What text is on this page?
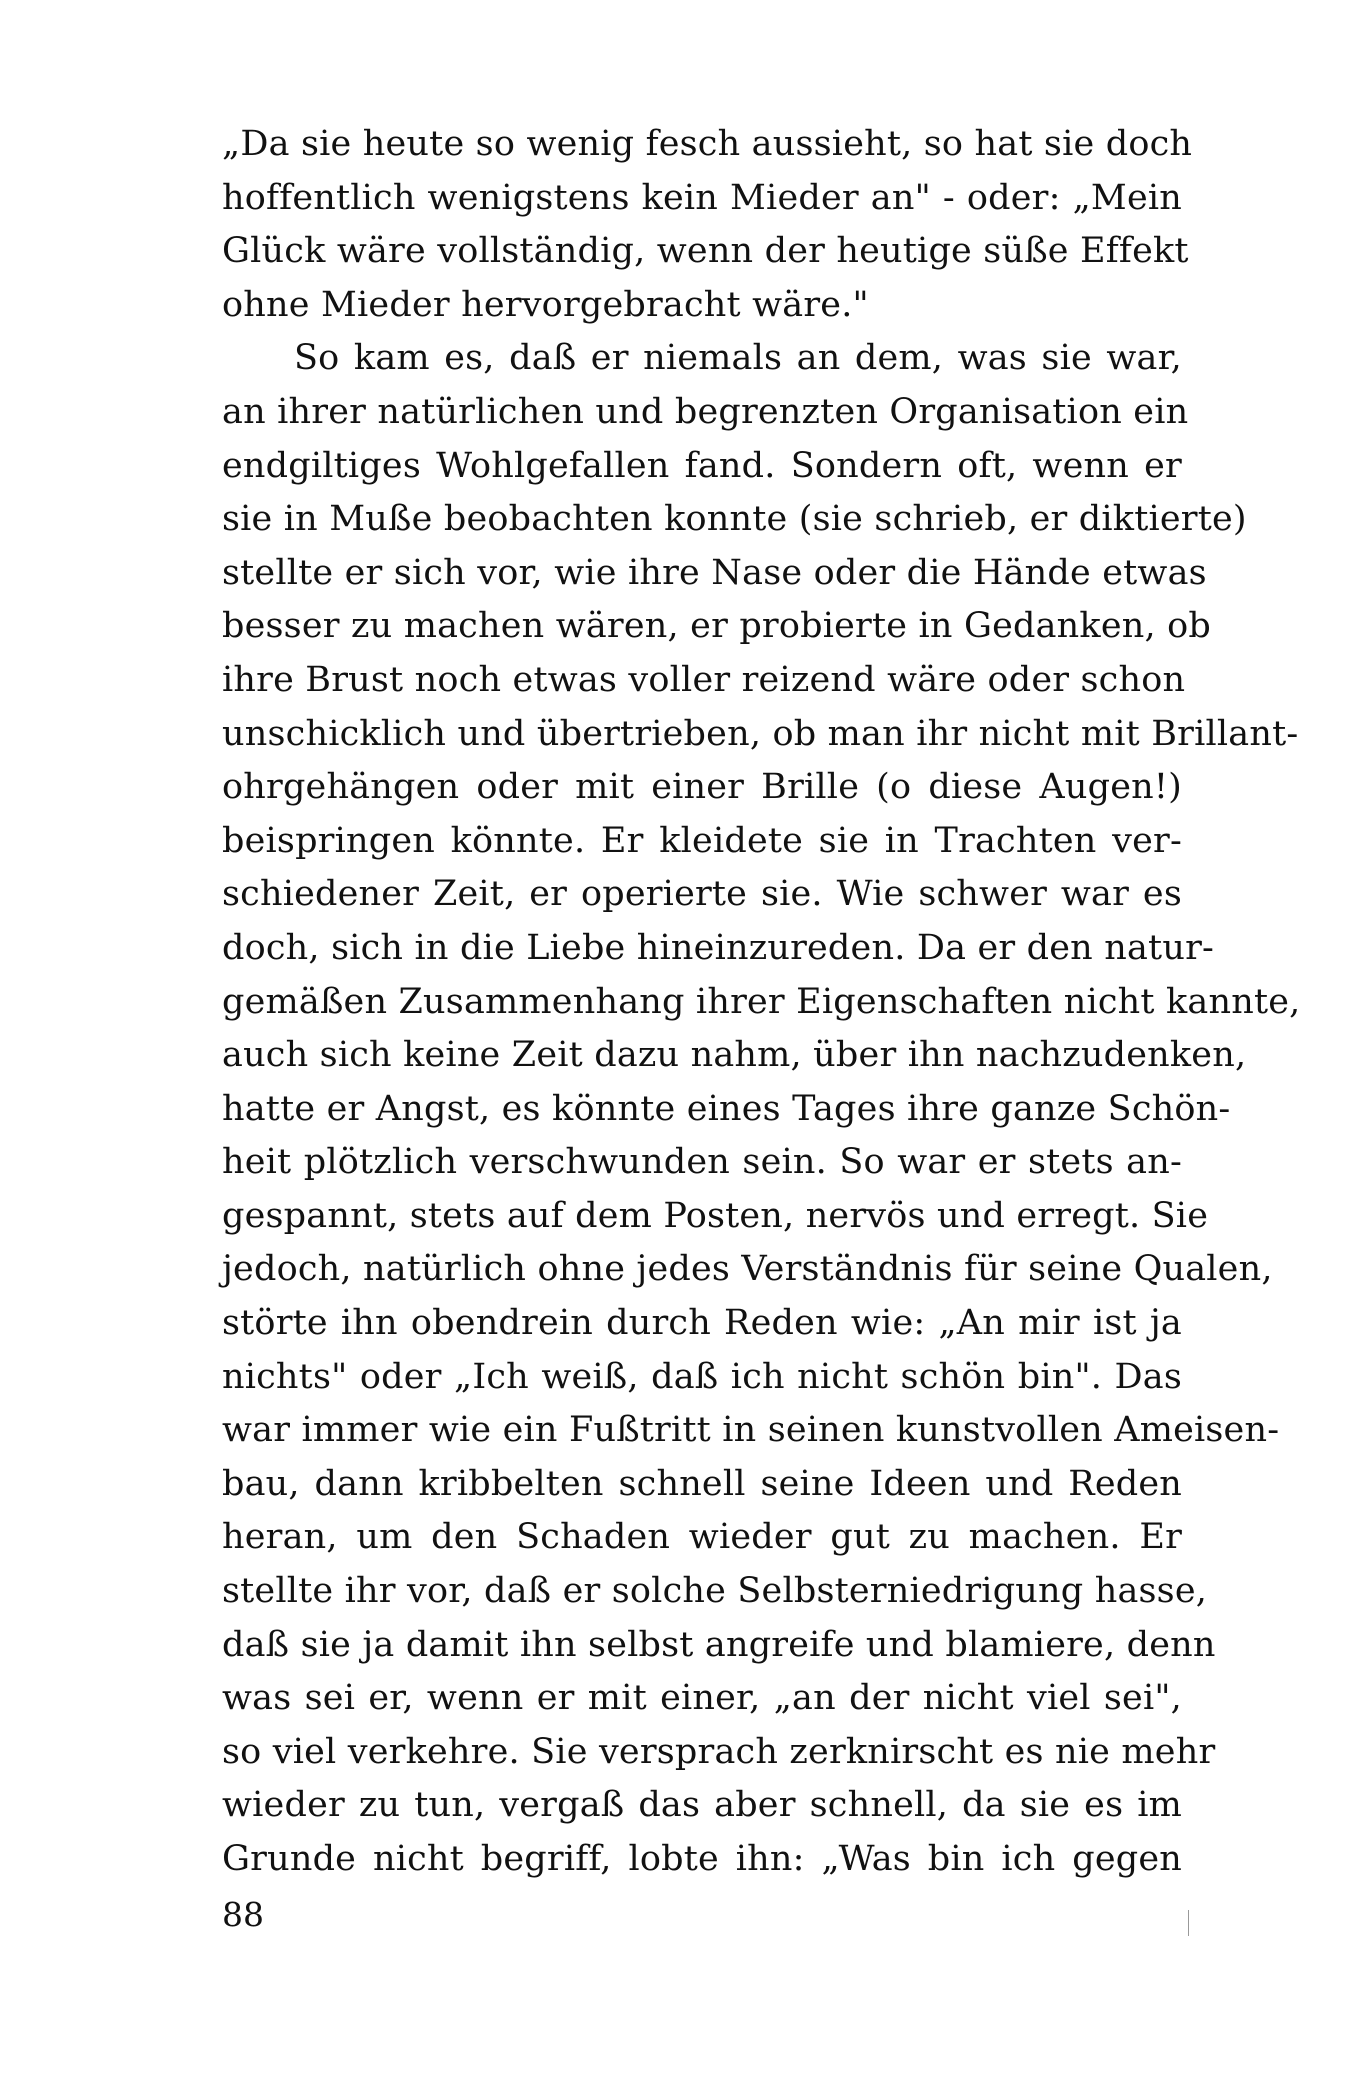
„Da sie heute so wenig fesch aussieht, so hat sie doch
hoffentlich wenigstens kein Mieder an" - oder: „Mein
Glück wäre vollständig, wenn der heutige süße Effekt
ohne Mieder hervorgebracht wäre."
So kam es, daß er niemals an dem, was sie war,
an ihrer natürlichen und begrenzten Organisation ein
endgiltiges Wohlgefallen fand. Sondern oft, wenn er
sie in Muße beobachten konnte (sie schrieb, er diktierte)
stellte er sich vor, wie ihre Nase oder die Hände etwas
besser zu machen wären, er probierte in Gedanken, ob
ihre Brust noch etwas voller reizend wäre oder schon
unschicklich und übertrieben, ob man ihr nicht mit Brillant-
ohrgehängen oder mit einer Brille (o diese Augen!)
beispringen könnte. Er kleidete sie in Trachten ver-
schiedener Zeit, er operierte sie. Wie schwer war es
doch, sich in die Liebe hineinzureden. Da er den natur-
gemäßen Zusammenhang ihrer Eigenschaften nicht kannte,
auch sich keine Zeit dazu nahm, über ihn nachzudenken,
hatte er Angst, es könnte eines Tages ihre ganze Schön-
heit plötzlich verschwunden sein. So war er stets an-
gespannt, stets auf dem Posten, nervös und erregt. Sie
jedoch, natürlich ohne jedes Verständnis für seine Qualen,
störte ihn obendrein durch Reden wie: „An mir ist ja
nichts" oder „Ich weiß, daß ich nicht schön bin". Das
war immer wie ein Fußtritt in seinen kunstvollen Ameisen-
bau, dann kribbelten schnell seine Ideen und Reden
heran, um den Schaden wieder gut zu machen. Er
stellte ihr vor, daß er solche Selbsterniedrigung hasse,
daß sie ja damit ihn selbst angreife und blamiere, denn
was sei er, wenn er mit einer, „an der nicht viel sei",
so viel verkehre. Sie versprach zerknirscht es nie mehr
wieder zu tun, vergaß das aber schnell, da sie es im
Grunde nicht begriff, lobte ihn: „Was bin ich gegen
88
